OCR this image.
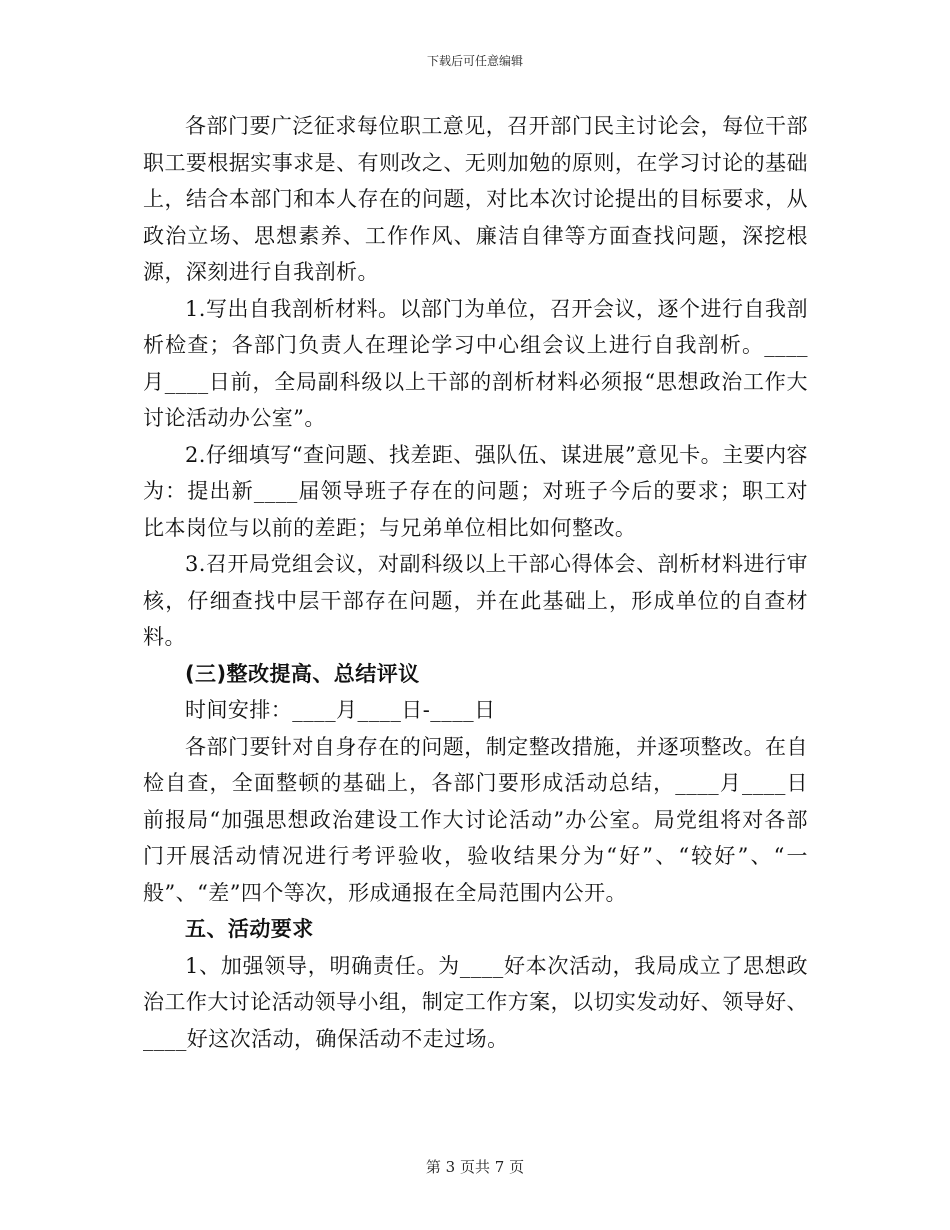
下载后可任意编辑

各部门要广泛征求每位职工意见，召开部门民主讨论会，每位干部职工要根据实事求是、有则改之、无则加勉的原则，在学习讨论的基础上，结合本部门和本人存在的问题，对比本次讨论提出的目标要求，从政治立场、思想素养、工作作风、廉洁自律等方面查找问题，深挖根源，深刻进行自我剖析。

1.写出自我剖析材料。以部门为单位，召开会议，逐个进行自我剖析检查；各部门负责人在理论学习中心组会议上进行自我剖析。____月____日前，全局副科级以上干部的剖析材料必须报“思想政治工作大讨论活动办公室”。

2.仔细填写“查问题、找差距、强队伍、谋进展”意见卡。主要内容为：提出新____届领导班子存在的问题；对班子今后的要求；职工对比本岗位与以前的差距；与兄弟单位相比如何整改。

3.召开局党组会议，对副科级以上干部心得体会、剖析材料进行审核，仔细查找中层干部存在问题，并在此基础上，形成单位的自查材料。

(三)整改提高、总结评议

时间安排：____月____日-____日

各部门要针对自身存在的问题，制定整改措施，并逐项整改。在自检自查，全面整顿的基础上，各部门要形成活动总结，____月____日前报局“加强思想政治建设工作大讨论活动”办公室。局党组将对各部门开展活动情况进行考评验收，验收结果分为“好”、“较好”、“一般”、“差”四个等次，形成通报在全局范围内公开。

五、活动要求

1、加强领导，明确责任。为____好本次活动，我局成立了思想政治工作大讨论活动领导小组，制定工作方案，以切实发动好、领导好、____好这次活动，确保活动不走过场。

第 3 页共 7 页
